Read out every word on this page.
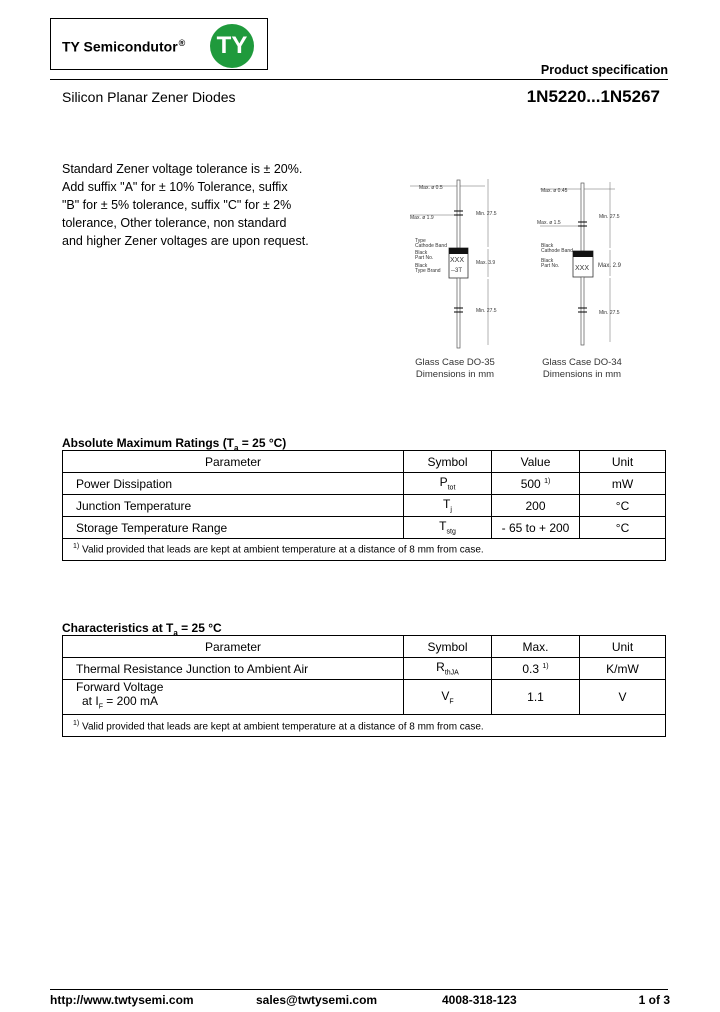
TY Semicondutor® TY
Product specification
Silicon Planar Zener Diodes	1N5220...1N5267
Standard Zener voltage tolerance is ± 20%.
Add suffix "A" for ± 10% Tolerance, suffix
"B" for ± 5% tolerance, suffix "C" for ± 2%
tolerance, Other tolerance, non standard
and higher Zener voltages are upon request.
Max. ø 0.5
Max. ø 1.9
Min. 27.5
Type
Cathode Band
Black
Part No.
Black
Type Brand
XXX
--3T
Max. 3.9
Min. 27.5
Glass Case DO-35
Dimensions in mm
Max. ø 0.45
Max. ø 1.5
Min. 27.5
Black
Cathode Band
Black
Part No. XXX Max. 2.9
Min. 27.5
Glass Case DO-34
Dimensions in mm
Absolute Maximum Ratings ($T_a = 25$ °C)
Parameter	Symbol	Value	Unit
Power Dissipation	$P_{tot}$	500 $^{1)}$	mW
Junction Temperature	$T_j$	200	°C
Storage Temperature Range	$T_{stg}$	- 65 to + 200	°C
$^{1)}$ Valid provided that leads are kept at ambient temperature at a distance of 8 mm from case.			
Characteristics at $T_a = 25$ °C
Parameter	Symbol	Max.	Unit
Thermal Resistance Junction to Ambient Air	$R_{thJA}$	0.3 $^{1)}$	K/mW

Forward Voltage
at $I_F = 200$ mA	$V_F$	1.1	V
$^{1)}$ Valid provided that leads are kept at ambient temperature at a distance of 8 mm from case.			
http://www.twtysemi.com	sales@twtysemi.com	4008-318-123	1 of 3
